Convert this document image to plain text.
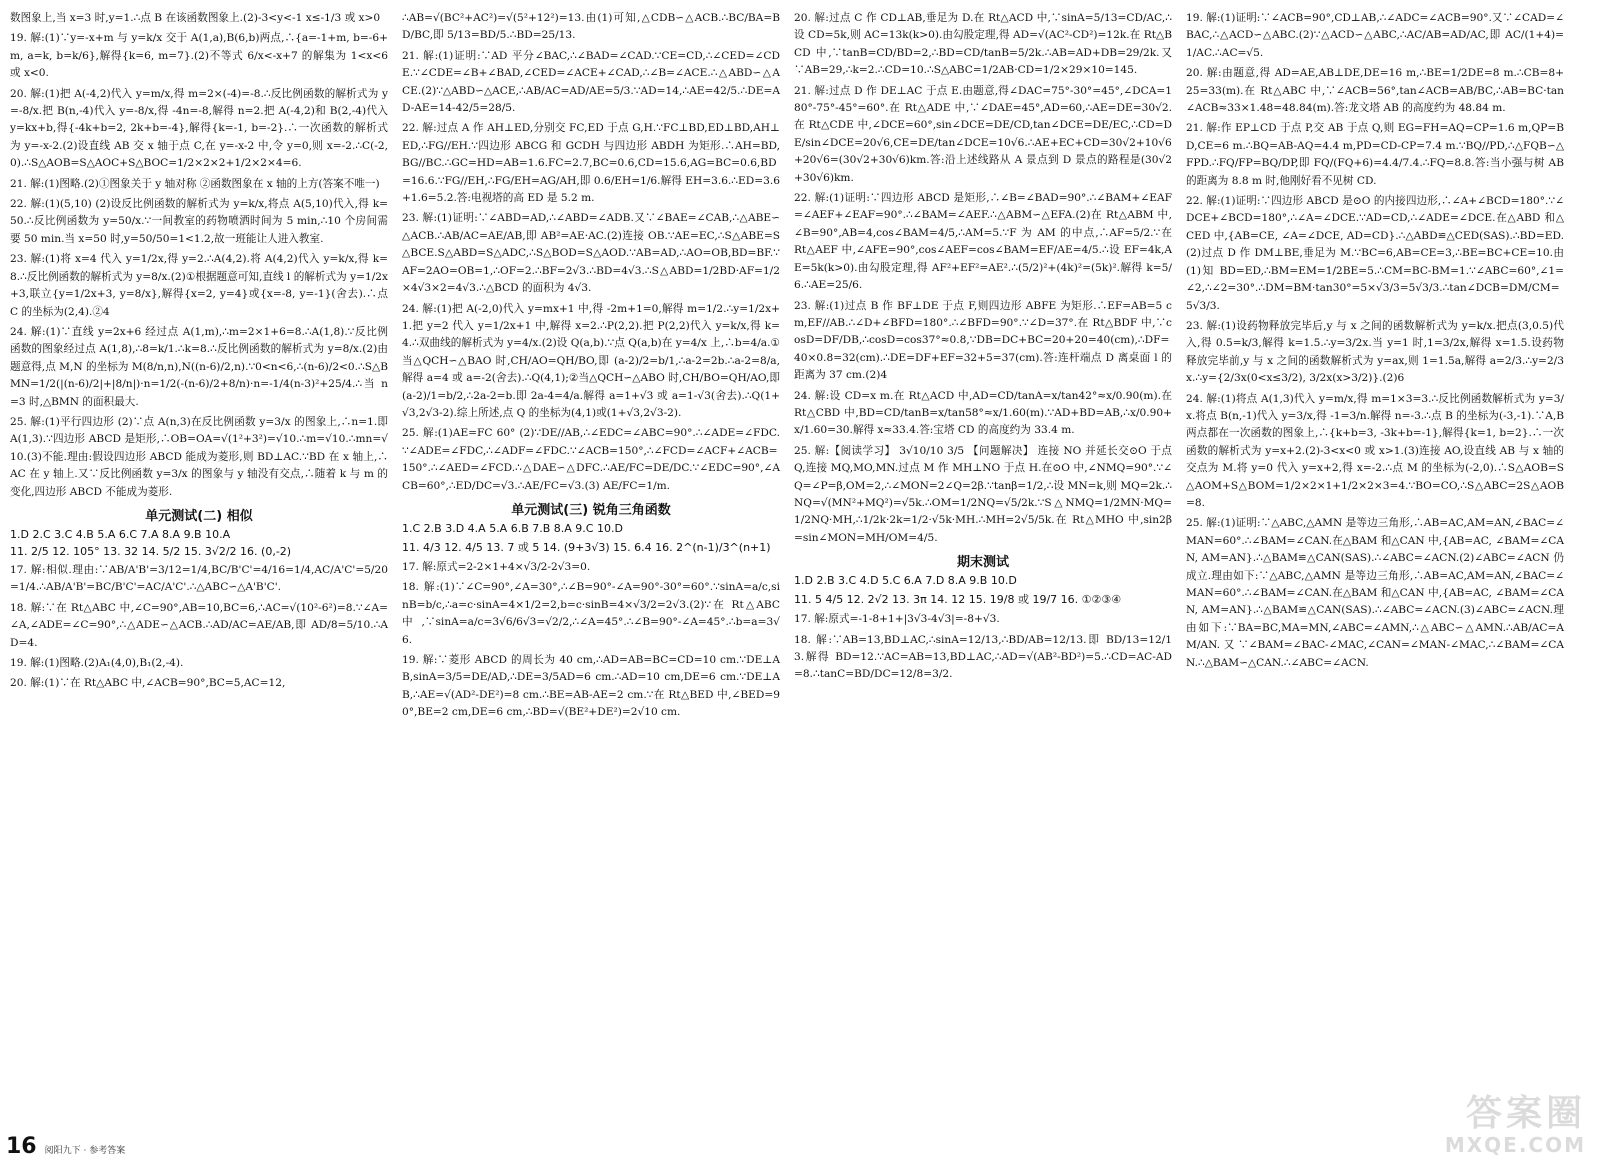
数图象上,当 x=3 时,y=1.∴点 B 在该函数图象上.(2)-3<y<-1 x≤-1/3 或 x>0

19. 解:(1)∵y=-x+m 与 y=k/x 交于 A(1,a),B(6,b)两点,∴{a=-1+m, b=-6+m, a=k, b=k/6},解得{k=6, m=7}.(2)不等式 6/x<-x+7 的解集为 1<x<6 或 x<0.

20. 解:(1)把 A(-4,2)代入 y=m/x,得 m=2×(-4)=-8.∴反比例函数的解析式为 y=-8/x.把 B(n,-4)代入 y=-8/x,得 -4n=-8,解得 n=2.把 A(-4,2)和 B(2,-4)代入 y=kx+b,得{-4k+b=2, 2k+b=-4},解得{k=-1, b=-2}.∴一次函数的解析式为 y=-x-2.(2)设直线 AB 交 x 轴于点 C,在 y=-x-2 中,令 y=0,则 x=-2.∴C(-2,0).∴S△AOB=S△AOC+S△BOC=1/2×2×2+1/2×2×4=6.

21. 解:(1)图略.(2)①图象关于 y 轴对称 ②函数图象在 x 轴的上方(答案不唯一)

22. 解:(1)(5,10) (2)设反比例函数的解析式为 y=k/x,将点 A(5,10)代入,得 k=50.∴反比例函数为 y=50/x.∵一间教室的药物喷洒时间为 5 min,∴10 个房间需要 50 min.当 x=50 时,y=50/50=1<1.2,故一班能让人进入教室.

23. 解:(1)将 x=4 代入 y=1/2x,得 y=2.∴A(4,2).将 A(4,2)代入 y=k/x,得 k=8.∴反比例函数的解析式为 y=8/x.(2)①根据题意可知,直线 l 的解析式为 y=1/2x+3,联立{y=1/2x+3, y=8/x},解得{x=2, y=4}或{x=-8, y=-1}(舍去).∴点 C 的坐标为(2,4).②4

24. 解:(1)∵直线 y=2x+6 经过点 A(1,m),∴m=2×1+6=8.∴A(1,8).∵反比例函数的图象经过点 A(1,8),∴8=k/1.∴k=8.∴反比例函数的解析式为 y=8/x.(2)由题意得,点 M,N 的坐标为 M(8/n,n),N((n-6)/2,n).∵0<n<6,∴(n-6)/2<0.∴S△BMN=1/2(|(n-6)/2|+|8/n|)·n=1/2(-(n-6)/2+8/n)·n=-1/4(n-3)²+25/4.∴当 n=3 时,△BMN 的面积最大.

25. 解:(1)平行四边形 (2)∵点 A(n,3)在反比例函数 y=3/x 的图象上,∴n=1.即 A(1,3).∵四边形 ABCD 是矩形,∴OB=OA=√(1²+3²)=√10.∴m=√10.∴mn=√10.(3)不能.理由:假设四边形 ABCD 能成为菱形,则 BD⊥AC.∵BD 在 x 轴上,∴AC 在 y 轴上.又∵反比例函数 y=3/x 的图象与 y 轴没有交点,∴随着 k 与 m 的变化,四边形 ABCD 不能成为菱形.

单元测试(二) 相似
1.D 2.C 3.C 4.B 5.A 6.C 7.A 8.A 9.B 10.A
11. 2/5 12. 105° 13. 32 14. 5/2 15. 3√2/2 16. (0,-2)

17. 解:相似.理由:∵AB/A'B'=3/12=1/4,BC/B'C'=4/16=1/4,AC/A'C'=5/20=1/4.∴AB/A'B'=BC/B'C'=AC/A'C'.∴△ABC∽△A'B'C'.

18. 解:∵在 Rt△ABC 中,∠C=90°,AB=10,BC=6,∴AC=√(10²-6²)=8.∵∠A=∠A,∠ADE=∠C=90°,∴△ADE∽△ACB.∴AD/AC=AE/AB,即 AD/8=5/10.∴AD=4.

19. 解:(1)图略.(2)A₁(4,0),B₁(2,-4).

20. 解:(1)∵在 Rt△ABC 中,∠ACB=90°,BC=5,AC=12,

∴AB=√(BC²+AC²)=√(5²+12²)=13.由(1)可知,△CDB∽△ACB.∴BC/BA=BD/BC,即 5/13=BD/5.∴BD=25/13.

21. 解:(1)证明:∵AD 平分∠BAC,∴∠BAD=∠CAD.∵CE=CD,∴∠CED=∠CDE.∵∠CDE=∠B+∠BAD,∠CED=∠ACE+∠CAD,∴∠B=∠ACE.∴△ABD∽△ACE.(2)∵△ABD∽△ACE,∴AB/AC=AD/AE=5/3.∵AD=14,∴AE=42/5.∴DE=AD-AE=14-42/5=28/5.

22. 解:过点 A 作 AH⊥ED,分别交 FC,ED 于点 G,H.∵FC⊥BD,ED⊥BD,AH⊥ED,∴FG//EH.∵四边形 ABCG 和 GCDH 与四边形 ABDH 为矩形.∴AH=BD,BG//BC.∴GC=HD=AB=1.6.FC=2.7,BC=0.6,CD=15.6,AG=BC=0.6,BD=16.6.∵FG//EH,∴FG/EH=AG/AH,即 0.6/EH=1/6.解得 EH=3.6.∴ED=3.6+1.6=5.2.答:电视塔的高 ED 是 5.2 m.

23. 解:(1)证明:∵∠ABD=AD,∴∠ABD=∠ADB.又∵∠BAE=∠CAB,∴△ABE∽△ACB.∴AB/AC=AE/AB,即 AB²=AE·AC.(2)连接 OB.∵AE=EC,∴S△ABE=S△BCE.S△ABD=S△ADC,∴S△BOD=S△AOD.∵AB=AD,∴AO=OB,BD=BF.∵AF=2AO=OB=1,∴OF=2.∴BF=2√3.∴BD=4√3.∴S△ABD=1/2BD·AF=1/2×4√3×2=4√3.∴△BCD 的面积为 4√3.

24. 解:(1)把 A(-2,0)代入 y=mx+1 中,得 -2m+1=0,解得 m=1/2.∴y=1/2x+1.把 y=2 代入 y=1/2x+1 中,解得 x=2.∴P(2,2).把 P(2,2)代入 y=k/x,得 k=4.∴双曲线的解析式为 y=4/x.(2)设 Q(a,b).∵点 Q(a,b)在 y=4/x 上,∴b=4/a.①当△QCH∽△BAO 时,CH/AO=QH/BO,即 (a-2)/2=b/1,∴a-2=2b.∴a-2=8/a,解得 a=4 或 a=-2(舍去).∴Q(4,1);②当△QCH∽△ABO 时,CH/BO=QH/AO,即 (a-2)/1=b/2,∴2a-2=b.即 2a-4=4/a.解得 a=1+√3 或 a=1-√3(舍去).∴Q(1+√3,2√3-2).综上所述,点 Q 的坐标为(4,1)或(1+√3,2√3-2).

25. 解:(1)AE=FC 60° (2)∵DE//AB,∴∠EDC=∠ABC=90°.∴∠ADE=∠FDC.∵∠ADE=∠FDC,∴∠ADF=∠FDC.∵∠ACB=150°,∴∠FCD=∠ACF+∠ACB=150°.∴∠AED=∠FCD.∴△DAE∽△DFC.∴AE/FC=DE/DC.∵∠EDC=90°,∠ACB=60°,∴ED/DC=√3.∴AE/FC=√3.(3) AE/FC=1/m.

单元测试(三) 锐角三角函数
1.C 2.B 3.D 4.A 5.A 6.B 7.B 8.A 9.C 10.D
11. 4/3 12. 4/5 13. 7 或 5 14. (9+3√3) 15. 6.4 16. 2^(n-1)/3^(n+1)

17. 解:原式=2-2×1+4×√3/2-2√3=0.

18. 解:(1)∵∠C=90°,∠A=30°,∴∠B=90°-∠A=90°-30°=60°.∵sinA=a/c,sinB=b/c,∴a=c·sinA=4×1/2=2,b=c·sinB=4×√3/2=2√3.(2)∵在 Rt△ABC 中,∵sinA=a/c=3√6/6√3=√2/2,∴∠A=45°.∴∠B=90°-∠A=45°.∴b=a=3√6.

19. 解:∵菱形 ABCD 的周长为 40 cm,∴AD=AB=BC=CD=10 cm.∵DE⊥AB,sinA=3/5=DE/AD,∴DE=3/5AD=6 cm.∴AD=10 cm,DE=6 cm.∵DE⊥AB,∴AE=√(AD²-DE²)=8 cm.∴BE=AB-AE=2 cm.∵在 Rt△BED 中,∠BED=90°,BE=2 cm,DE=6 cm,∴BD=√(BE²+DE²)=2√10 cm.

20. 解:过点 C 作 CD⊥AB,垂足为 D.在 Rt△ACD 中,∵sinA=5/13=CD/AC,∴设 CD=5k,则 AC=13k(k>0).由勾股定理,得 AD=√(AC²-CD²)=12k.在 Rt△BCD 中,∵tanB=CD/BD=2,∴BD=CD/tanB=5/2k.∴AB=AD+DB=29/2k.又∵AB=29,∴k=2.∴CD=10.∴S△ABC=1/2AB·CD=1/2×29×10=145.

21. 解:过点 D 作 DE⊥AC 于点 E.由题意,得∠DAC=75°-30°=45°,∠DCA=180°-75°-45°=60°.在 Rt△ADE 中,∵∠DAE=45°,AD=60,∴AE=DE=30√2.在 Rt△CDE 中,∠DCE=60°,sin∠DCE=DE/CD,tan∠DCE=DE/EC,∴CD=DE/sin∠DCE=20√6,CE=DE/tan∠DCE=10√6.∴AE+EC+CD=30√2+10√6+20√6=(30√2+30√6)km.答:沿上述线路从 A 景点到 D 景点的路程是(30√2+30√6)km.

22. 解:(1)证明:∵四边形 ABCD 是矩形,∴∠B=∠BAD=90°.∴∠BAM+∠EAF=∠AEF+∠EAF=90°.∴∠BAM=∠AEF.∴△ABM∽△EFA.(2)在 Rt△ABM 中,∠B=90°,AB=4,cos∠BAM=4/5,∴AM=5.∵F 为 AM 的中点,∴AF=5/2.∵在 Rt△AEF 中,∠AFE=90°,cos∠AEF=cos∠BAM=EF/AE=4/5.∴设 EF=4k,AE=5k(k>0).由勾股定理,得 AF²+EF²=AE².∴(5/2)²+(4k)²=(5k)².解得 k=5/6.∴AE=25/6.

23. 解:(1)过点 B 作 BF⊥DE 于点 F,则四边形 ABFE 为矩形.∴EF=AB=5 cm,EF//AB.∴∠D+∠BFD=180°.∴∠BFD=90°.∵∠D=37°.在 Rt△BDF 中,∵cosD=DF/DB,∴cosD=cos37°≈0.8,∵DB=DC+BC=20+20=40(cm),∴DF=40×0.8=32(cm).∴DE=DF+EF=32+5=37(cm).答:连杆端点 D 离桌面 l 的距离为 37 cm.(2)4

24. 解:设 CD=x m.在 Rt△ACD 中,AD=CD/tanA=x/tan42°≈x/0.90(m).在 Rt△CBD 中,BD=CD/tanB=x/tan58°≈x/1.60(m).∵AD+BD=AB,∴x/0.90+x/1.60=30.解得 x≈33.4.答:宝塔 CD 的高度约为 33.4 m.

25. 解:【阅读学习】 3√10/10 3/5 【问题解决】 连接 NO 并延长交⊙O 于点 Q,连接 MQ,MO,MN.过点 M 作 MH⊥NO 于点 H.在⊙O 中,∠NMQ=90°.∵∠Q=∠P=β,OM=2,∴∠MON=2∠Q=2β.∵tanβ=1/2,∴设 MN=k,则 MQ=2k.∴NQ=√(MN²+MQ²)=√5k.∴OM=1/2NQ=√5/2k.∵S△NMQ=1/2MN·MQ=1/2NQ·MH,∴1/2k·2k=1/2·√5k·MH.∴MH=2√5/5k.在 Rt△MHO 中,sin2β=sin∠MON=MH/OM=4/5.

期末测试
1.D 2.B 3.C 4.D 5.C 6.A 7.D 8.A 9.B 10.D
11. 5 4/5 12. 2√2 13. 3π 14. 12 15. 19/8 或 19/7 16. ①②③④

17. 解:原式=-1-8+1+|3√3-4√3|=-8+√3.

18. 解:∵AB=13,BD⊥AC,∴sinA=12/13,∴BD/AB=12/13.即 BD/13=12/13.解得 BD=12.∵AC=AB=13,BD⊥AC,∴AD=√(AB²-BD²)=5.∴CD=AC-AD=8.∴tanC=BD/DC=12/8=3/2.

19. 解:(1)证明:∵∠ACB=90°,CD⊥AB,∴∠ADC=∠ACB=90°.又∵∠CAD=∠BAC,∴△ACD∽△ABC.(2)∵△ACD∽△ABC,∴AC/AB=AD/AC,即 AC/(1+4)=1/AC.∴AC=√5.

20. 解:由题意,得 AD=AE,AB⊥DE,DE=16 m,∴BE=1/2DE=8 m.∴CB=8+25=33(m).在 Rt△ABC 中,∵∠ACB=56°,tan∠ACB=AB/BC,∴AB=BC·tan∠ACB≈33×1.48=48.84(m).答:龙文塔 AB 的高度约为 48.84 m.

21. 解:作 EP⊥CD 于点 P,交 AB 于点 Q,则 EG=FH=AQ=CP=1.6 m,QP=BD,CE=6 m.∴BQ=AB-AQ=4.4 m,PD=CD-CP=7.4 m.∵BQ//PD,∴△FQB∽△FPD.∴FQ/FP=BQ/DP,即 FQ/(FQ+6)=4.4/7.4.∴FQ=8.8.答:当小强与树 AB 的距离为 8.8 m 时,他刚好看不见树 CD.

22. 解:(1)证明:∵四边形 ABCD 是⊙O 的内接四边形,∴∠A+∠BCD=180°.∵∠DCE+∠BCD=180°,∴∠A=∠DCE.∵AD=CD,∴∠ADE=∠DCE.在△ABD 和△CED 中,{AB=CE, ∠A=∠DCE, AD=CD}.∴△ABD≌△CED(SAS).∴BD=ED.(2)过点 D 作 DM⊥BE,垂足为 M.∵BC=6,AB=CE=3,∴BE=BC+CE=10.由(1)知 BD=ED,∴BM=EM=1/2BE=5.∴CM=BC-BM=1.∵∠ABC=60°,∠1=∠2,∴∠2=30°.∴DM=BM·tan30°=5×√3/3=5√3/3.∴tan∠DCB=DM/CM=5√3/3.

23. 解:(1)设药物释放完毕后,y 与 x 之间的函数解析式为 y=k/x.把点(3,0.5)代入,得 0.5=k/3,解得 k=1.5.∴y=3/2x.当 y=1 时,1=3/2x,解得 x=1.5.设药物释放完毕前,y 与 x 之间的函数解析式为 y=ax,则 1=1.5a,解得 a=2/3.∴y=2/3x.∴y={2/3x(0<x≤3/2), 3/2x(x>3/2)}.(2)6

24. 解:(1)将点 A(1,3)代入 y=m/x,得 m=1×3=3.∴反比例函数解析式为 y=3/x.将点 B(n,-1)代入 y=3/x,得 -1=3/n.解得 n=-3.∴点 B 的坐标为(-3,-1).∵A,B 两点都在一次函数的图象上,∴{k+b=3, -3k+b=-1},解得{k=1, b=2}.∴一次函数的解析式为 y=x+2.(2)-3<x<0 或 x>1.(3)连接 AO,设直线 AB 与 x 轴的交点为 M.将 y=0 代入 y=x+2,得 x=-2.∴点 M 的坐标为(-2,0).∴S△AOB=S△AOM+S△BOM=1/2×2×1+1/2×2×3=4.∵BO=CO,∴S△ABC=2S△AOB=8.

25. 解:(1)证明:∵△ABC,△AMN 是等边三角形,∴AB=AC,AM=AN,∠BAC=∠MAN=60°.∴∠BAM=∠CAN.在△BAM 和△CAN 中,{AB=AC, ∠BAM=∠CAN, AM=AN}.∴△BAM≌△CAN(SAS).∴∠ABC=∠ACN.(2)∠ABC=∠ACN 仍成立.理由如下:∵△ABC,△AMN 是等边三角形,∴AB=AC,AM=AN,∠BAC=∠MAN=60°.∴∠BAM=∠CAN.在△BAM 和△CAN 中,{AB=AC, ∠BAM=∠CAN, AM=AN}.∴△BAM≌△CAN(SAS).∴∠ABC=∠ACN.(3)∠ABC=∠ACN.理由如下:∵BA=BC,MA=MN,∠ABC=∠AMN,∴△ABC∽△AMN.∴AB/AC=AM/AN.又∵∠BAM=∠BAC-∠MAC,∠CAN=∠MAN-∠MAC,∴∠BAM=∠CAN.∴△BAM∽△CAN.∴∠ABC=∠ACN.

16 阅阳九下 · 参考答案
答案圈
MXQE.COM
